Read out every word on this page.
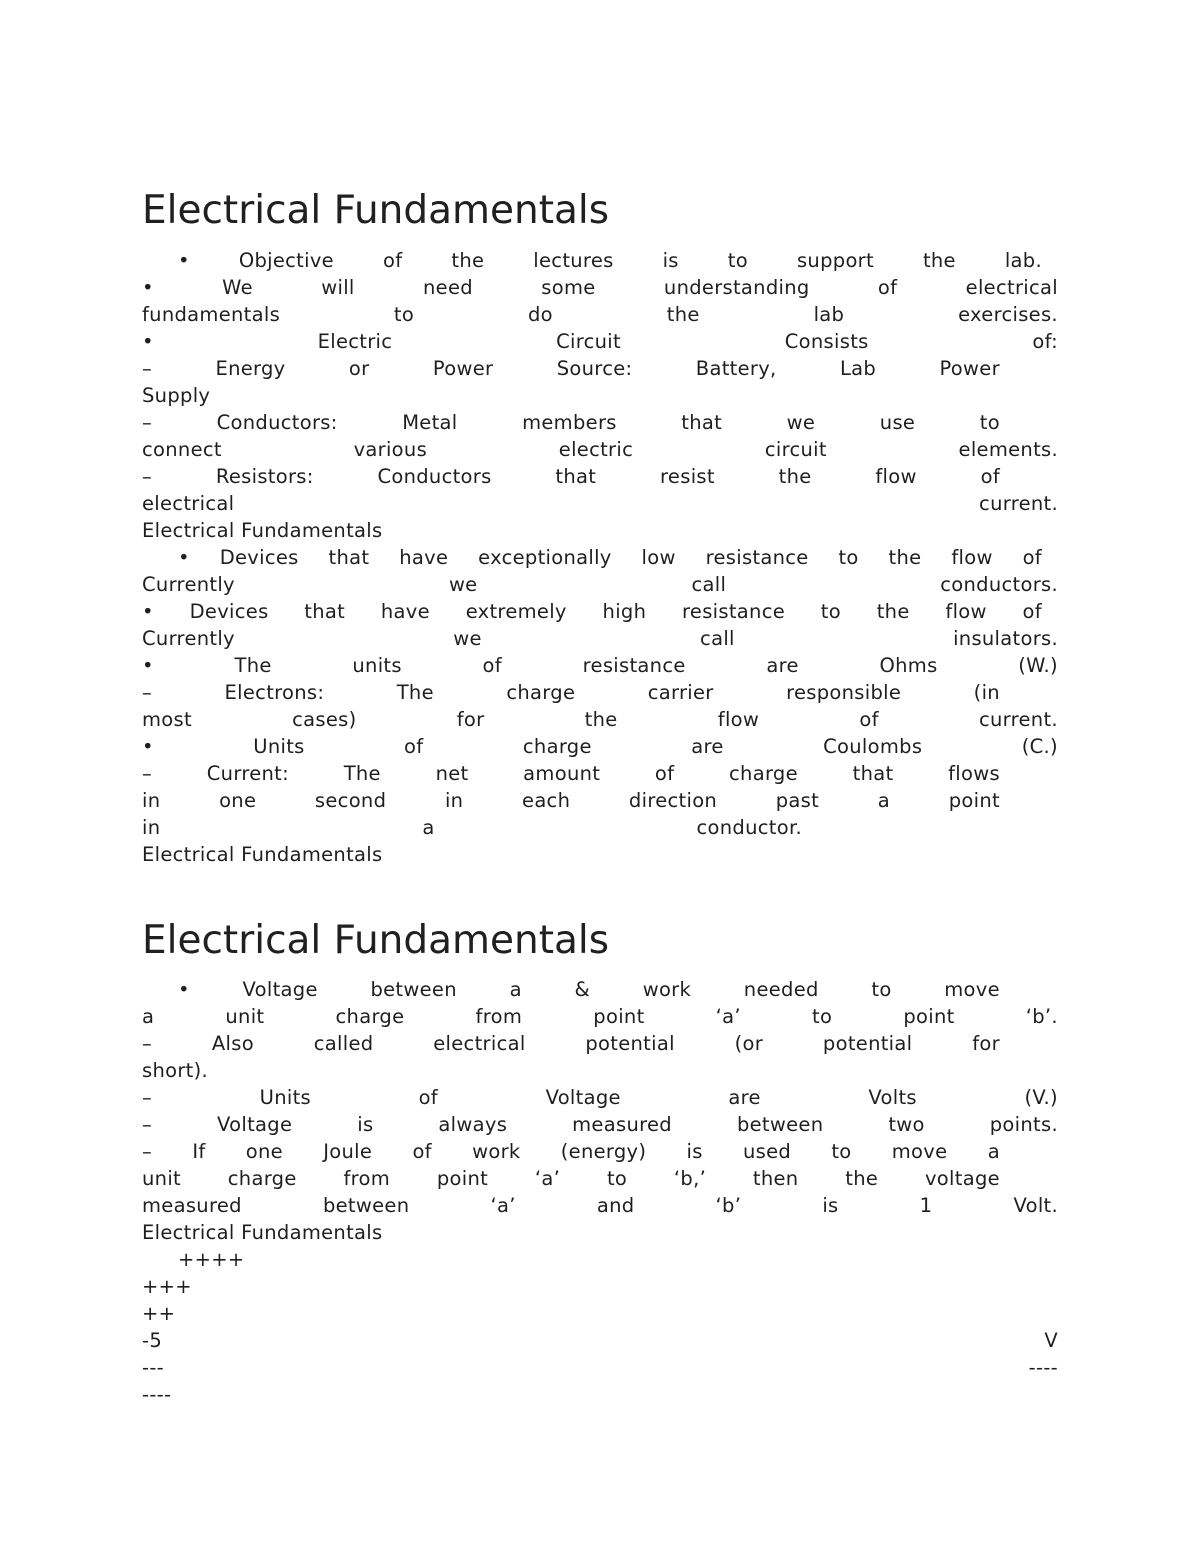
Electrical Fundamentals
•	Objective	of	the	lectures	is	to	support	the	lab.
•	We	will	need	some	understanding	of	electrical
fundamentals	to	do	the	lab	exercises.
•	Electric	Circuit	Consists	of:
–	Energy	or	Power	Source:	Battery,	Lab	Power
Supply
–	Conductors:	Metal	members	that	we	use	to
connect	various	electric	circuit	elements.
–	Resistors:	Conductors	that	resist	the	flow	of
electrical	current.
Electrical Fundamentals
• Devices that have exceptionally low resistance to the flow of
Currently	we	call	conductors.
• Devices that have extremely high resistance to the flow of
Currently	we	call	insulators.
•	The	units	of	resistance	are	Ohms	(W.)
–	Electrons:	The	charge	carrier	responsible	(in
most	cases)	for	the	flow	of	current.
•	Units	of	charge	are	Coulombs	(C.)
–	Current:	The	net	amount	of	charge	that	flows
in	one	second	in	each	direction	past	a	point
in	a	conductor.
Electrical Fundamentals
Electrical Fundamentals
•	Voltage	between	a	&	work	needed	to	move
a	unit	charge	from	point	‘a’	to	point	‘b’.
–	Also	called	electrical	potential	(or	potential	for
short).
–	Units	of	Voltage	are	Volts	(V.)
–	Voltage	is	always	measured	between	two	points.
– If one Joule of work (energy) is used to move a
unit charge from point ‘a’ to ‘b,’ then the voltage
measured	between	‘a’	and	‘b’	is	1	Volt.
Electrical Fundamentals
++++
+++
++
-5	V
---	----
----
